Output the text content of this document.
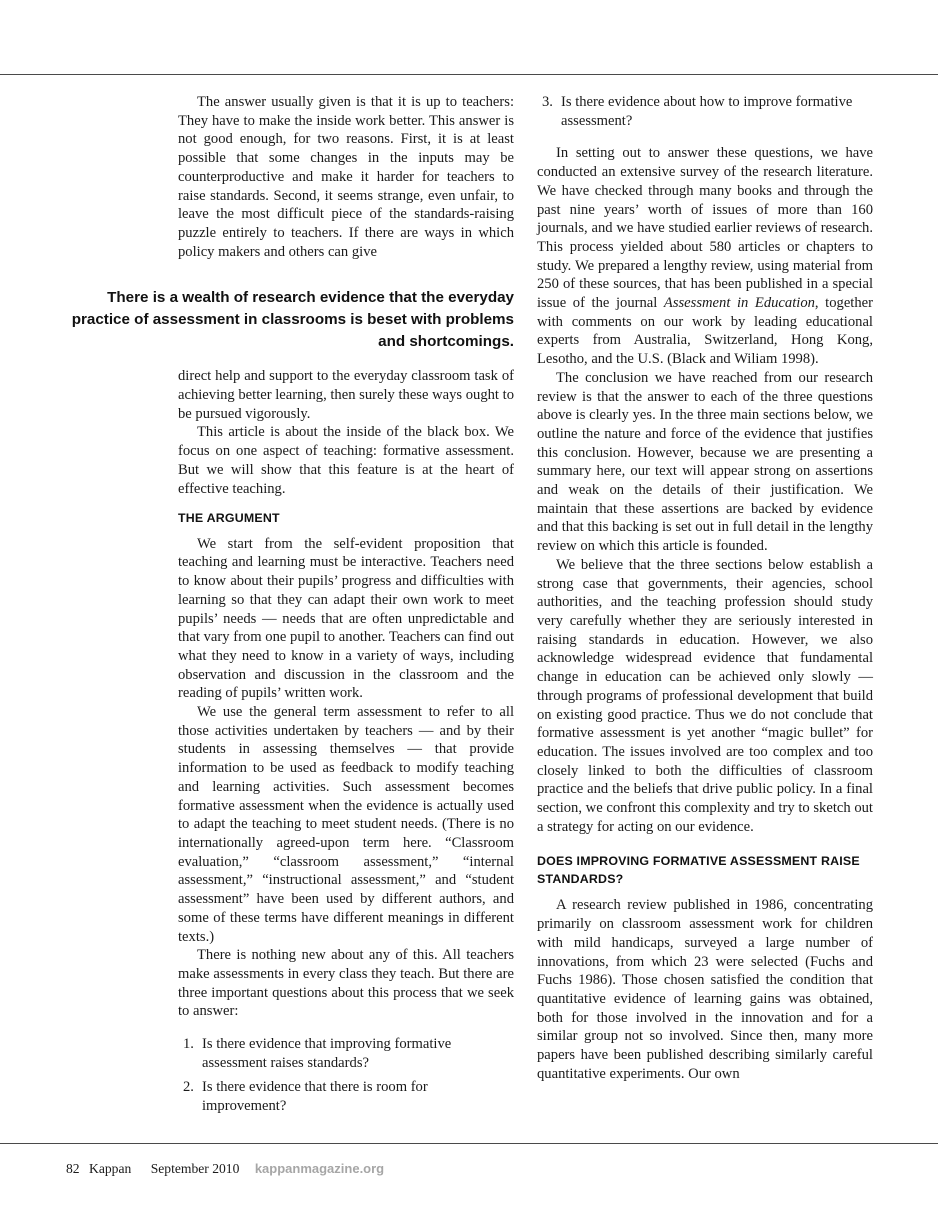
The answer usually given is that it is up to teachers: They have to make the inside work better. This answer is not good enough, for two reasons. First, it is at least possible that some changes in the inputs may be counterproductive and make it harder for teachers to raise standards. Second, it seems strange, even unfair, to leave the most difficult piece of the standards-raising puzzle entirely to teachers. If there are ways in which policy makers and others can give

direct help and support to the everyday classroom task of achieving better learning, then surely these ways ought to be pursued vigorously.

This article is about the inside of the black box. We focus on one aspect of teaching: formative assessment. But we will show that this feature is at the heart of effective teaching.

THE ARGUMENT

We start from the self-evident proposition that teaching and learning must be interactive. Teachers need to know about their pupils’ progress and difficulties with learning so that they can adapt their own work to meet pupils’ needs — needs that are often unpredictable and that vary from one pupil to another. Teachers can find out what they need to know in a variety of ways, including observation and discussion in the classroom and the reading of pupils’ written work.

We use the general term assessment to refer to all those activities undertaken by teachers — and by their students in assessing themselves — that provide information to be used as feedback to modify teaching and learning activities. Such assessment becomes formative assessment when the evidence is actually used to adapt the teaching to meet student needs. (There is no internationally agreed-upon term here. “Classroom evaluation,” “classroom assessment,” “internal assessment,” “instructional assessment,” and “student assessment” have been used by different authors, and some of these terms have different meanings in different texts.)

There is nothing new about any of this. All teachers make assessments in every class they teach. But there are three important questions about this process that we seek to answer:

1. Is there evidence that improving formative assessment raises standards?
2. Is there evidence that there is room for improvement?
There is a wealth of research evidence that the everyday practice of assessment in classrooms is beset with problems and shortcomings.
3. Is there evidence about how to improve formative assessment?

In setting out to answer these questions, we have conducted an extensive survey of the research literature. We have checked through many books and through the past nine years’ worth of issues of more than 160 journals, and we have studied earlier reviews of research. This process yielded about 580 articles or chapters to study. We prepared a lengthy review, using material from 250 of these sources, that has been published in a special issue of the journal Assessment in Education, together with comments on our work by leading educational experts from Australia, Switzerland, Hong Kong, Lesotho, and the U.S. (Black and Wiliam 1998).

The conclusion we have reached from our research review is that the answer to each of the three questions above is clearly yes. In the three main sections below, we outline the nature and force of the evidence that justifies this conclusion. However, because we are presenting a summary here, our text will appear strong on assertions and weak on the details of their justification. We maintain that these assertions are backed by evidence and that this backing is set out in full detail in the lengthy review on which this article is founded.

We believe that the three sections below establish a strong case that governments, their agencies, school authorities, and the teaching profession should study very carefully whether they are seriously interested in raising standards in education. However, we also acknowledge widespread evidence that fundamental change in education can be achieved only slowly — through programs of professional development that build on existing good practice. Thus we do not conclude that formative assessment is yet another “magic bullet” for education. The issues involved are too complex and too closely linked to both the difficulties of classroom practice and the beliefs that drive public policy. In a final section, we confront this complexity and try to sketch out a strategy for acting on our evidence.

DOES IMPROVING FORMATIVE ASSESSMENT RAISE STANDARDS?

A research review published in 1986, concentrating primarily on classroom assessment work for children with mild handicaps, surveyed a large number of innovations, from which 23 were selected (Fuchs and Fuchs 1986). Those chosen satisfied the condition that quantitative evidence of learning gains was obtained, both for those involved in the innovation and for a similar group not so involved. Since then, many more papers have been published describing similarly careful quantitative experiments. Our own

82 Kappan September 2010 kappanmagazine.org
